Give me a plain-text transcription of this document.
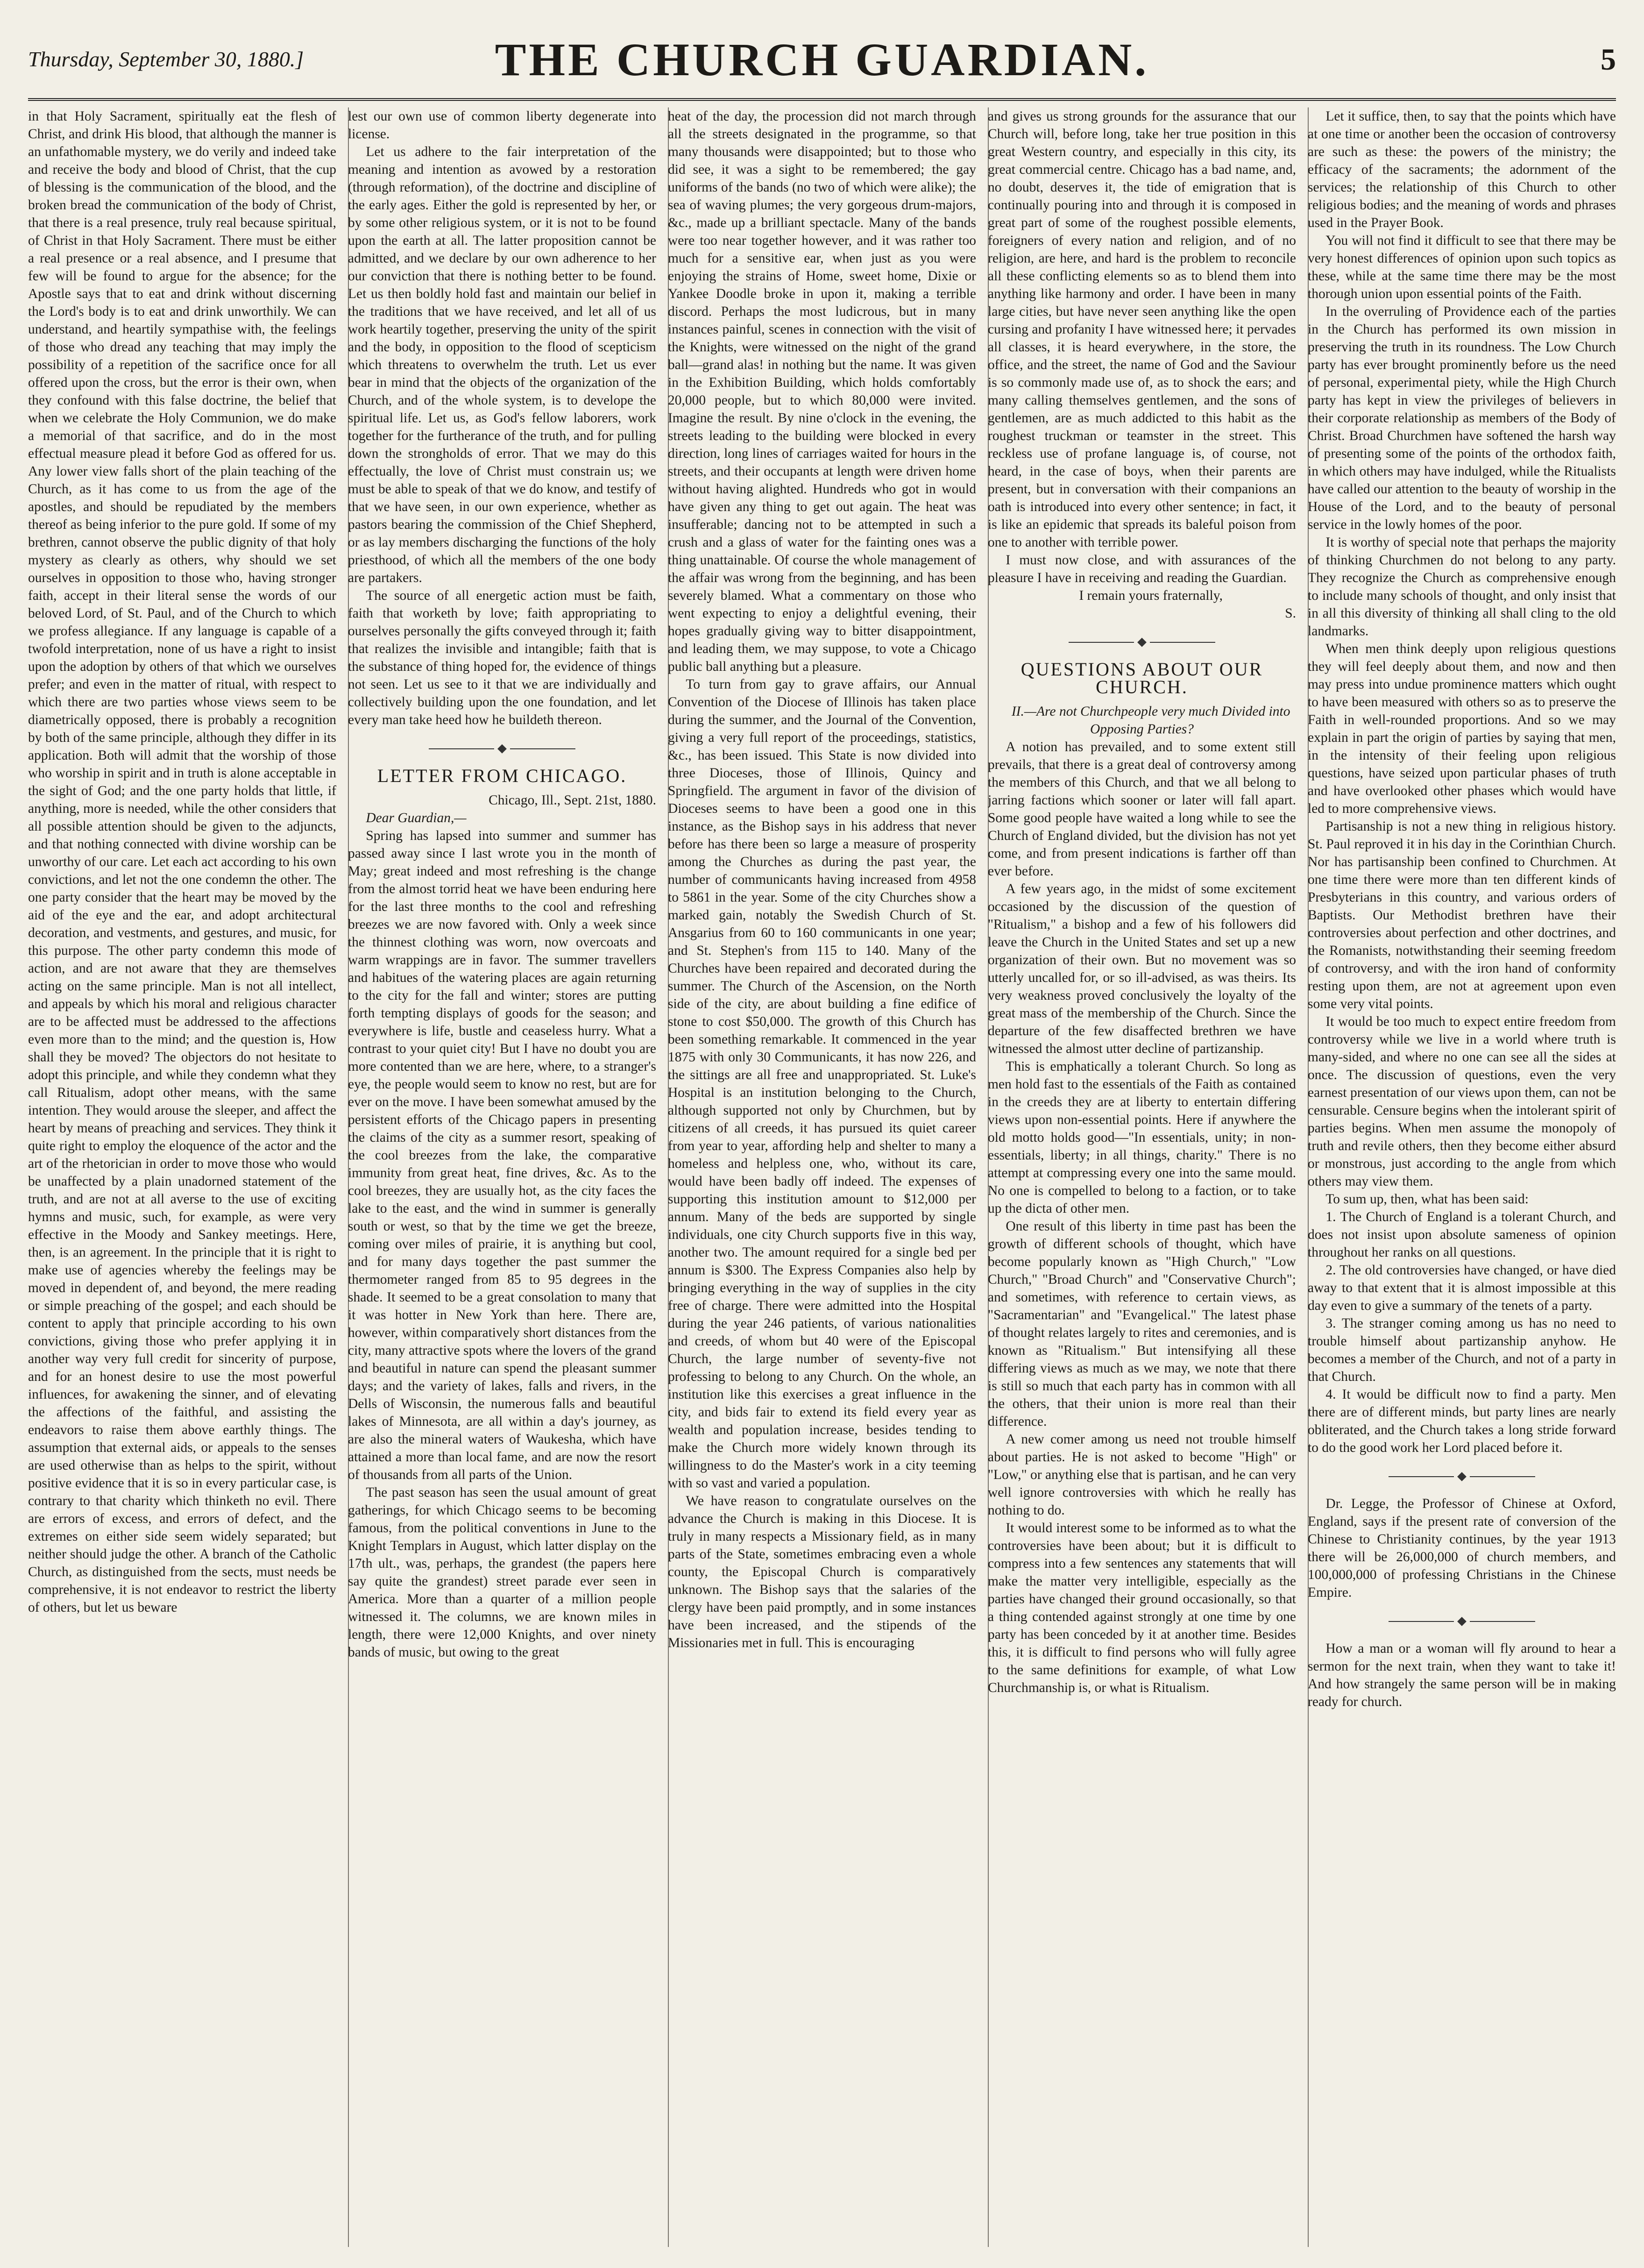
Thursday, September 30, 1880.]	THE CHURCH GUARDIAN.	5

in that Holy Sacrament, spiritually eat the flesh of Christ, and drink His blood, that although the manner is an unfathomable mystery, we do verily and indeed take and receive the body and blood of Christ, that the cup of blessing is the communication of the blood, and the broken bread the communication of the body of Christ, that there is a real presence, truly real because spiritual, of Christ in that Holy Sacrament. There must be either a real presence or a real absence, and I presume that few will be found to argue for the absence; for the Apostle says that to eat and drink without discerning the Lord's body is to eat and drink unworthily. We can understand, and heartily sympathise with, the feelings of those who dread any teaching that may imply the possibility of a repetition of the sacrifice once for all offered upon the cross, but the error is their own, when they confound with this false doctrine, the belief that when we celebrate the Holy Communion, we do make a memorial of that sacrifice, and do in the most effectual measure plead it before God as offered for us. Any lower view falls short of the plain teaching of the Church, as it has come to us from the age of the apostles, and should be repudiated by the members thereof as being inferior to the pure gold. If some of my brethren, cannot observe the public dignity of that holy mystery as clearly as others, why should we set ourselves in opposition to those who, having stronger faith, accept in their literal sense the words of our beloved Lord, of St. Paul, and of the Church to which we profess allegiance. If any language is capable of a twofold interpretation, none of us have a right to insist upon the adoption by others of that which we ourselves prefer; and even in the matter of ritual, with respect to which there are two parties whose views seem to be diametrically opposed, there is probably a recognition by both of the same principle, although they differ in its application. Both will admit that the worship of those who worship in spirit and in truth is alone acceptable in the sight of God; and the one party holds that little, if anything, more is needed, while the other considers that all possible attention should be given to the adjuncts, and that nothing connected with divine worship can be unworthy of our care. Let each act according to his own convictions, and let not the one condemn the other. The one party consider that the heart may be moved by the aid of the eye and the ear, and adopt architectural decoration, and vestments, and gestures, and music, for this purpose. The other party condemn this mode of action, and are not aware that they are themselves acting on the same principle. Man is not all intellect, and appeals by which his moral and religious character are to be affected must be addressed to the affections even more than to the mind; and the question is, How shall they be moved? The objectors do not hesitate to adopt this principle, and while they condemn what they call Ritualism, adopt other means, with the same intention. They would arouse the sleeper, and affect the heart by means of preaching and services. They think it quite right to employ the eloquence of the actor and the art of the rhetorician in order to move those who would be unaffected by a plain unadorned statement of the truth, and are not at all averse to the use of exciting hymns and music, such, for example, as were very effective in the Moody and Sankey meetings. Here, then, is an agreement. In the principle that it is right to make use of agencies whereby the feelings may be moved in dependent of, and beyond, the mere reading or simple preaching of the gospel; and each should be content to apply that principle according to his own convictions, giving those who prefer applying it in another way very full credit for sincerity of purpose, and for an honest desire to use the most powerful influences, for awakening the sinner, and of elevating the affections of the faithful, and assisting the endeavors to raise them above earthly things. The assumption that external aids, or appeals to the senses are used otherwise than as helps to the spirit, without positive evidence that it is so in every particular case, is contrary to that charity which thinketh no evil. There are errors of excess, and errors of defect, and the extremes on either side seem widely separated; but neither should judge the other. A branch of the Catholic Church, as distinguished from the sects, must needs be comprehensive, it is not endeavor to restrict the liberty of others, but let us beware

lest our own use of common liberty degenerate into license.

Let us adhere to the fair interpretation of the meaning and intention as avowed by a restoration (through reformation), of the doctrine and discipline of the early ages. Either the gold is represented by her, or by some other religious system, or it is not to be found upon the earth at all. The latter proposition cannot be admitted, and we declare by our own adherence to her our conviction that there is nothing better to be found. Let us then boldly hold fast and maintain our belief in the traditions that we have received, and let all of us work heartily together, preserving the unity of the spirit and the body, in opposition to the flood of scepticism which threatens to overwhelm the truth. Let us ever bear in mind that the objects of the organization of the Church, and of the whole system, is to develope the spiritual life. Let us, as God's fellow laborers, work together for the furtherance of the truth, and for pulling down the strongholds of error. That we may do this effectually, the love of Christ must constrain us; we must be able to speak of that we do know, and testify of that we have seen, in our own experience, whether as pastors bearing the commission of the Chief Shepherd, or as lay members discharging the functions of the holy priesthood, of which all the members of the one body are partakers.

The source of all energetic action must be faith, faith that worketh by love; faith appropriating to ourselves personally the gifts conveyed through it; faith that realizes the invisible and intangible; faith that is the substance of thing hoped for, the evidence of things not seen. Let us see to it that we are individually and collectively building upon the one foundation, and let every man take heed how he buildeth thereon.

LETTER FROM CHICAGO.

Chicago, Ill., Sept. 21st, 1880.

Dear Guardian,—

Spring has lapsed into summer and summer has passed away since I last wrote you in the month of May; great indeed and most refreshing is the change from the almost torrid heat we have been enduring here for the last three months to the cool and refreshing breezes we are now favored with. Only a week since the thinnest clothing was worn, now overcoats and warm wrappings are in favor. The summer travellers and habitues of the watering places are again returning to the city for the fall and winter; stores are putting forth tempting displays of goods for the season; and everywhere is life, bustle and ceaseless hurry. What a contrast to your quiet city! But I have no doubt you are more contented than we are here, where, to a stranger's eye, the people would seem to know no rest, but are for ever on the move. I have been somewhat amused by the persistent efforts of the Chicago papers in presenting the claims of the city as a summer resort, speaking of the cool breezes from the lake, the comparative immunity from great heat, fine drives, &c. As to the cool breezes, they are usually hot, as the city faces the lake to the east, and the wind in summer is generally south or west, so that by the time we get the breeze, coming over miles of prairie, it is anything but cool, and for many days together the past summer the thermometer ranged from 85 to 95 degrees in the shade. It seemed to be a great consolation to many that it was hotter in New York than here. There are, however, within comparatively short distances from the city, many attractive spots where the lovers of the grand and beautiful in nature can spend the pleasant summer days; and the variety of lakes, falls and rivers, in the Dells of Wisconsin, the numerous falls and beautiful lakes of Minnesota, are all within a day's journey, as are also the mineral waters of Waukesha, which have attained a more than local fame, and are now the resort of thousands from all parts of the Union.

The past season has seen the usual amount of great gatherings, for which Chicago seems to be becoming famous, from the political conventions in June to the Knight Templars in August, which latter display on the 17th ult., was, perhaps, the grandest (the papers here say quite the grandest) street parade ever seen in America. More than a quarter of a million people witnessed it. The columns, we are known miles in length, there were 12,000 Knights, and over ninety bands of music, but owing to the great

heat of the day, the procession did not march through all the streets designated in the programme, so that many thousands were disappointed; but to those who did see, it was a sight to be remembered; the gay uniforms of the bands (no two of which were alike); the sea of waving plumes; the very gorgeous drum-majors, &c., made up a brilliant spectacle. Many of the bands were too near together however, and it was rather too much for a sensitive ear, when just as you were enjoying the strains of Home, sweet home, Dixie or Yankee Doodle broke in upon it, making a terrible discord. Perhaps the most ludicrous, but in many instances painful, scenes in connection with the visit of the Knights, were witnessed on the night of the grand ball—grand alas! in nothing but the name. It was given in the Exhibition Building, which holds comfortably 20,000 people, but to which 80,000 were invited. Imagine the result. By nine o'clock in the evening, the streets leading to the building were blocked in every direction, long lines of carriages waited for hours in the streets, and their occupants at length were driven home without having alighted. Hundreds who got in would have given any thing to get out again. The heat was insufferable; dancing not to be attempted in such a crush and a glass of water for the fainting ones was a thing unattainable. Of course the whole management of the affair was wrong from the beginning, and has been severely blamed. What a commentary on those who went expecting to enjoy a delightful evening, their hopes gradually giving way to bitter disappointment, and leading them, we may suppose, to vote a Chicago public ball anything but a pleasure.

To turn from gay to grave affairs, our Annual Convention of the Diocese of Illinois has taken place during the summer, and the Journal of the Convention, giving a very full report of the proceedings, statistics, &c., has been issued. This State is now divided into three Dioceses, those of Illinois, Quincy and Springfield. The argument in favor of the division of Dioceses seems to have been a good one in this instance, as the Bishop says in his address that never before has there been so large a measure of prosperity among the Churches as during the past year, the number of communicants having increased from 4958 to 5861 in the year. Some of the city Churches show a marked gain, notably the Swedish Church of St. Ansgarius from 60 to 160 communicants in one year; and St. Stephen's from 115 to 140. Many of the Churches have been repaired and decorated during the summer. The Church of the Ascension, on the North side of the city, are about building a fine edifice of stone to cost $50,000. The growth of this Church has been something remarkable. It commenced in the year 1875 with only 30 Communicants, it has now 226, and the sittings are all free and unappropriated. St. Luke's Hospital is an institution belonging to the Church, although supported not only by Churchmen, but by citizens of all creeds, it has pursued its quiet career from year to year, affording help and shelter to many a homeless and helpless one, who, without its care, would have been badly off indeed. The expenses of supporting this institution amount to $12,000 per annum. Many of the beds are supported by single individuals, one city Church supports five in this way, another two. The amount required for a single bed per annum is $300. The Express Companies also help by bringing everything in the way of supplies in the city free of charge. There were admitted into the Hospital during the year 246 patients, of various nationalities and creeds, of whom but 40 were of the Episcopal Church, the large number of seventy-five not professing to belong to any Church. On the whole, an institution like this exercises a great influence in the city, and bids fair to extend its field every year as wealth and population increase, besides tending to make the Church more widely known through its willingness to do the Master's work in a city teeming with so vast and varied a population.

We have reason to congratulate ourselves on the advance the Church is making in this Diocese. It is truly in many respects a Missionary field, as in many parts of the State, sometimes embracing even a whole county, the Episcopal Church is comparatively unknown. The Bishop says that the salaries of the clergy have been paid promptly, and in some instances have been increased, and the stipends of the Missionaries met in full. This is encouraging

and gives us strong grounds for the assurance that our Church will, before long, take her true position in this great Western country, and especially in this city, its great commercial centre. Chicago has a bad name, and, no doubt, deserves it, the tide of emigration that is continually pouring into and through it is composed in great part of some of the roughest possible elements, foreigners of every nation and religion, and of no religion, are here, and hard is the problem to reconcile all these conflicting elements so as to blend them into anything like harmony and order. I have been in many large cities, but have never seen anything like the open cursing and profanity I have witnessed here; it pervades all classes, it is heard everywhere, in the store, the office, and the street, the name of God and the Saviour is so commonly made use of, as to shock the ears; and many calling themselves gentlemen, and the sons of gentlemen, are as much addicted to this habit as the roughest truckman or teamster in the street. This reckless use of profane language is, of course, not heard, in the case of boys, when their parents are present, but in conversation with their companions an oath is introduced into every other sentence; in fact, it is like an epidemic that spreads its baleful poison from one to another with terrible power.

I must now close, and with assurances of the pleasure I have in receiving and reading the Guardian.

I remain yours fraternally,

S.

QUESTIONS ABOUT OUR CHURCH.

II.—Are not Churchpeople very much Divided into Opposing Parties?

A notion has prevailed, and to some extent still prevails, that there is a great deal of controversy among the members of this Church, and that we all belong to jarring factions which sooner or later will fall apart. Some good people have waited a long while to see the Church of England divided, but the division has not yet come, and from present indications is farther off than ever before.

A few years ago, in the midst of some excitement occasioned by the discussion of the question of "Ritualism," a bishop and a few of his followers did leave the Church in the United States and set up a new organization of their own. But no movement was so utterly uncalled for, or so ill-advised, as was theirs. Its very weakness proved conclusively the loyalty of the great mass of the membership of the Church. Since the departure of the few disaffected brethren we have witnessed the almost utter decline of partizanship.

This is emphatically a tolerant Church. So long as men hold fast to the essentials of the Faith as contained in the creeds they are at liberty to entertain differing views upon non-essential points. Here if anywhere the old motto holds good—"In essentials, unity; in non-essentials, liberty; in all things, charity." There is no attempt at compressing every one into the same mould. No one is compelled to belong to a faction, or to take up the dicta of other men.

One result of this liberty in time past has been the growth of different schools of thought, which have become popularly known as "High Church," "Low Church," "Broad Church" and "Conservative Church"; and sometimes, with reference to certain views, as "Sacramentarian" and "Evangelical." The latest phase of thought relates largely to rites and ceremonies, and is known as "Ritualism." But intensifying all these differing views as much as we may, we note that there is still so much that each party has in common with all the others, that their union is more real than their difference.

A new comer among us need not trouble himself about parties. He is not asked to become "High" or "Low," or anything else that is partisan, and he can very well ignore controversies with which he really has nothing to do.

It would interest some to be informed as to what the controversies have been about; but it is difficult to compress into a few sentences any statements that will make the matter very intelligible, especially as the parties have changed their ground occasionally, so that a thing contended against strongly at one time by one party has been conceded by it at another time. Besides this, it is difficult to find persons who will fully agree to the same definitions for example, of what Low Churchmanship is, or what is Ritualism.

Let it suffice, then, to say that the points which have at one time or another been the occasion of controversy are such as these: the powers of the ministry; the efficacy of the sacraments; the adornment of the services; the relationship of this Church to other religious bodies; and the meaning of words and phrases used in the Prayer Book.

You will not find it difficult to see that there may be very honest differences of opinion upon such topics as these, while at the same time there may be the most thorough union upon essential points of the Faith.

In the overruling of Providence each of the parties in the Church has performed its own mission in preserving the truth in its roundness. The Low Church party has ever brought prominently before us the need of personal, experimental piety, while the High Church party has kept in view the privileges of believers in their corporate relationship as members of the Body of Christ. Broad Churchmen have softened the harsh way of presenting some of the points of the orthodox faith, in which others may have indulged, while the Ritualists have called our attention to the beauty of worship in the House of the Lord, and to the beauty of personal service in the lowly homes of the poor.

It is worthy of special note that perhaps the majority of thinking Churchmen do not belong to any party. They recognize the Church as comprehensive enough to include many schools of thought, and only insist that in all this diversity of thinking all shall cling to the old landmarks.

When men think deeply upon religious questions they will feel deeply about them, and now and then may press into undue prominence matters which ought to have been measured with others so as to preserve the Faith in well-rounded proportions. And so we may explain in part the origin of parties by saying that men, in the intensity of their feeling upon religious questions, have seized upon particular phases of truth and have overlooked other phases which would have led to more comprehensive views.

Partisanship is not a new thing in religious history. St. Paul reproved it in his day in the Corinthian Church. Nor has partisanship been confined to Churchmen. At one time there were more than ten different kinds of Presbyterians in this country, and various orders of Baptists. Our Methodist brethren have their controversies about perfection and other doctrines, and the Romanists, notwithstanding their seeming freedom of controversy, and with the iron hand of conformity resting upon them, are not at agreement upon even some very vital points.

It would be too much to expect entire freedom from controversy while we live in a world where truth is many-sided, and where no one can see all the sides at once. The discussion of questions, even the very earnest presentation of our views upon them, can not be censurable. Censure begins when the intolerant spirit of parties begins. When men assume the monopoly of truth and revile others, then they become either absurd or monstrous, just according to the angle from which others may view them.

To sum up, then, what has been said:

1. The Church of England is a tolerant Church, and does not insist upon absolute sameness of opinion throughout her ranks on all questions.

2. The old controversies have changed, or have died away to that extent that it is almost impossible at this day even to give a summary of the tenets of a party.

3. The stranger coming among us has no need to trouble himself about partizanship anyhow. He becomes a member of the Church, and not of a party in that Church.

4. It would be difficult now to find a party. Men there are of different minds, but party lines are nearly obliterated, and the Church takes a long stride forward to do the good work her Lord placed before it.

Dr. Legge, the Professor of Chinese at Oxford, England, says if the present rate of conversion of the Chinese to Christianity continues, by the year 1913 there will be 26,000,000 of church members, and 100,000,000 of professing Christians in the Chinese Empire.

How a man or a woman will fly around to hear a sermon for the next train, when they want to take it! And how strangely the same person will be in making ready for church.
